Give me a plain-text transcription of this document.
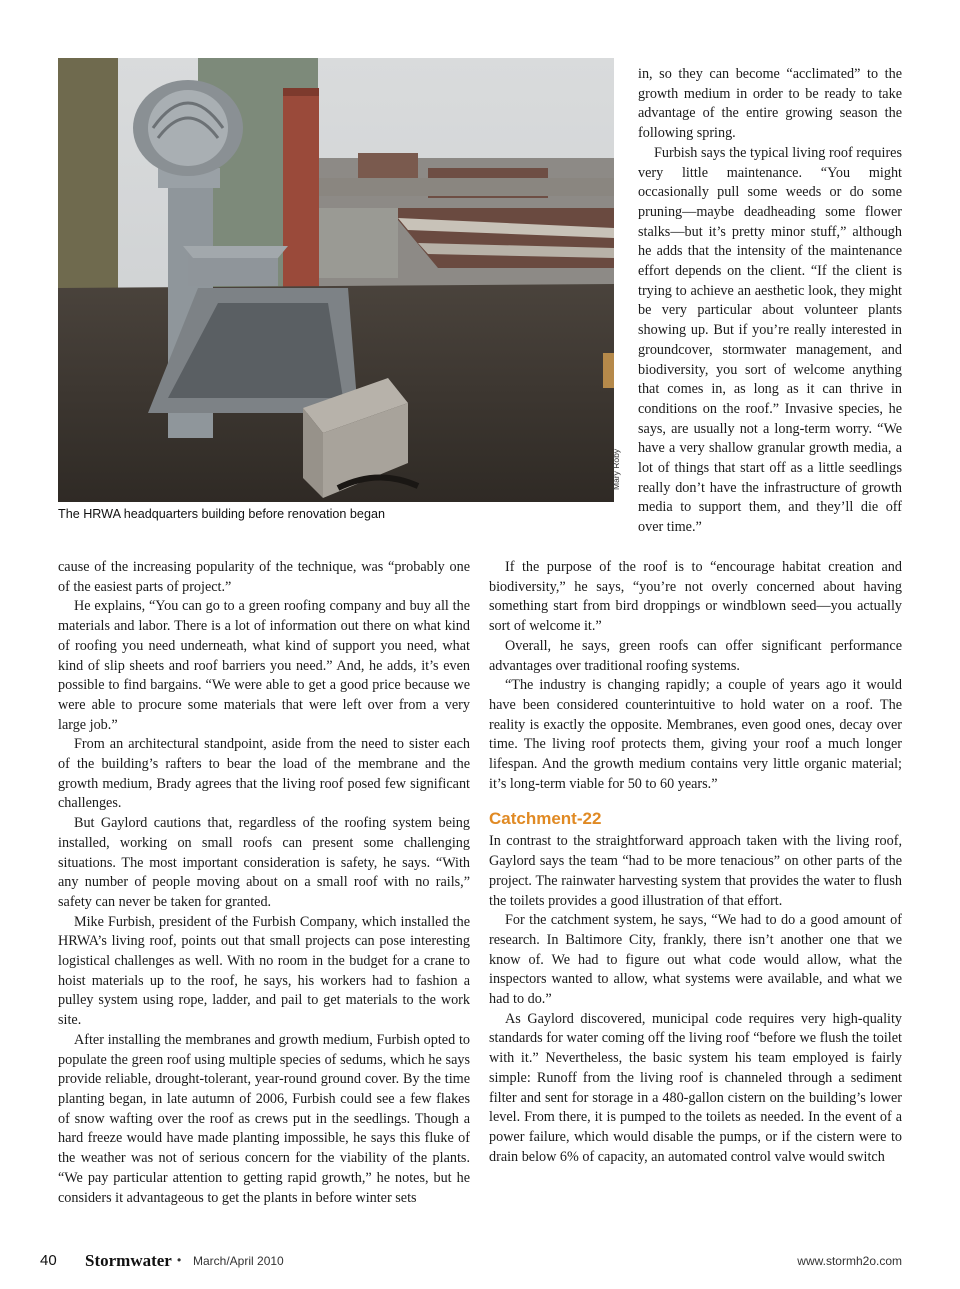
Mary Roby
The HRWA headquarters building before renovation began

in, so they can become “acclimated” to the growth medium in order to be ready to take advantage of the entire growing season the following spring.

Furbish says the typical living roof requires very little maintenance. “You might occasionally pull some weeds or do some pruning—maybe deadheading some flower stalks—but it’s pretty minor stuff,” although he adds that the intensity of the maintenance effort depends on the client. “If the client is trying to achieve an aesthetic look, they might be very particular about volunteer plants showing up. But if you’re really interested in groundcover, stormwater management, and biodiversity, you sort of welcome anything that comes in, as long as it can thrive in conditions on the roof.” Invasive species, he says, are usually not a long-term worry. “We have a very shallow granular growth media, a lot of things that start off as a little seedlings really don’t have the infrastructure of growth media to support them, and they’ll die off over time.”

cause of the increasing popularity of the technique, was “probably one of the easiest parts of project.”

He explains, “You can go to a green roofing company and buy all the materials and labor. There is a lot of information out there on what kind of roofing you need underneath, what kind of support you need, what kind of slip sheets and roof barriers you need.” And, he adds, it’s even possible to find bargains. “We were able to get a good price because we were able to procure some materials that were left over from a very large job.”

From an architectural standpoint, aside from the need to sister each of the building’s rafters to bear the load of the membrane and the growth medium, Brady agrees that the living roof posed few significant challenges.

But Gaylord cautions that, regardless of the roofing system being installed, working on small roofs can present some challenging situations. The most important consideration is safety, he says. “With any number of people moving about on a small roof with no rails,” safety can never be taken for granted.

Mike Furbish, president of the Furbish Company, which installed the HRWA’s living roof, points out that small projects can pose interesting logistical challenges as well. With no room in the budget for a crane to hoist materials up to the roof, he says, his workers had to fashion a pulley system using rope, ladder, and pail to get materials to the work site.

After installing the membranes and growth medium, Furbish opted to populate the green roof using multiple species of sedums, which he says provide reliable, drought-tolerant, year-round ground cover. By the time planting began, in late autumn of 2006, Furbish could see a few flakes of snow wafting over the roof as crews put in the seedlings. Though a hard freeze would have made planting impossible, he says this fluke of the weather was not of serious concern for the viability of the plants. “We pay particular attention to getting rapid growth,” he notes, but he considers it advantageous to get the plants in before winter sets

If the purpose of the roof is to “encourage habitat creation and biodiversity,” he says, “you’re not overly concerned about having something start from bird droppings or windblown seed—you actually sort of welcome it.”

Overall, he says, green roofs can offer significant performance advantages over traditional roofing systems.

“The industry is changing rapidly; a couple of years ago it would have been considered counterintuitive to hold water on a roof. The reality is exactly the opposite. Membranes, even good ones, decay over time. The living roof protects them, giving your roof a much longer lifespan. And the growth medium contains very little organic material; it’s long-term viable for 50 to 60 years.”

Catchment-22

In contrast to the straightforward approach taken with the living roof, Gaylord says the team “had to be more tenacious” on other parts of the project. The rainwater harvesting system that provides the water to flush the toilets provides a good illustration of that effort.

For the catchment system, he says, “We had to do a good amount of research. In Baltimore City, frankly, there isn’t another one that we know of. We had to figure out what code would allow, what the inspectors wanted to allow, what systems were available, and what we had to do.”

As Gaylord discovered, municipal code requires very high-quality standards for water coming off the living roof “before we flush the toilet with it.” Nevertheless, the basic system his team employed is fairly simple: Runoff from the living roof is channeled through a sediment filter and sent for storage in a 480-gallon cistern on the building’s lower level. From there, it is pumped to the toilets as needed. In the event of a power failure, which would disable the pumps, or if the cistern were to drain below 6% of capacity, an automated control valve would switch

40 Stormwater • March/April 2010	www.stormh2o.com
